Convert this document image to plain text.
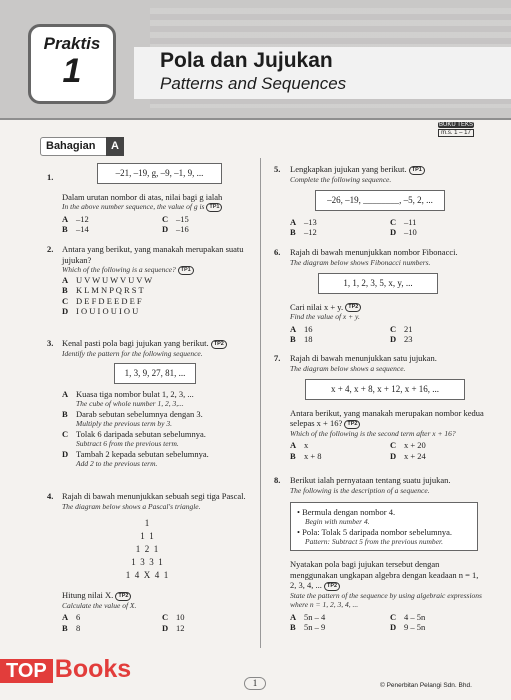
Praktis
1	Pola dan Jujukan
Patterns and Sequences
Bahagian	A
BUKU TEKS
m.s. 1 – 17
1.	–21, –19, g, –9, –1, 9, ...
Dalam urutan nombor di atas, nilai bagi g ialah
In the above number sequence, the value of g is TP1
A –12	C –15
B –14	D –16
2. Antara yang berikut, yang manakah merupakan suatu jujukan?
Which of the following is a sequence? TP1
A U V W U W V U V W
B K L M N P Q R S T
C D E F D E E D E F
D I O U I O U I O U
3. Kenal pasti pola bagi jujukan yang berikut. TP2
Identify the pattern for the following sequence.
1, 3, 9, 27, 81, ...
A Kuasa tiga nombor bulat 1, 2, 3, ...
The cube of whole number 1, 2, 3,...
B Darab sebutan sebelumnya dengan 3.
Multiply the previous term by 3.
C Tolak 6 daripada sebutan sebelumnya.
Subtract 6 from the previous term.
D Tambah 2 kepada sebutan sebelumnya.
Add 2 to the previous term.
4. Rajah di bawah menunjukkan sebuah segi tiga Pascal.
The diagram below shows a Pascal's triangle.
1
1  1
1  2  1
1  3  3  1
1  4  X  4  1
Hitung nilai X. TP2
Calculate the value of X.
A 6	C 10
B 8	D 12
5. Lengkapkan jujukan yang berikut. TP1
Complete the following sequence.
–26, –19, ________, –5, 2, ...
A –13	C –11
B –12	D –10
6. Rajah di bawah menunjukkan nombor Fibonacci.
The diagram below shows Fibonacci numbers.
1, 1, 2, 3, 5, x, y, ...
Cari nilai x + y. TP2
Find the value of x + y.
A 16	C 21
B 18	D 23
7. Rajah di bawah menunjukkan satu jujukan.
The diagram below shows a sequence.
x + 4, x + 8, x + 12, x + 16, ...
Antara berikut, yang manakah merupakan nombor kedua selepas x + 16? TP2
Which of the following is the second term after x + 16?
A x	C x + 20
B x + 8	D x + 24
8. Berikut ialah pernyataan tentang suatu jujukan.
The following is the description of a sequence.
• Bermula dengan nombor 4.
Begin with number 4.
• Pola: Tolak 5 daripada nombor sebelumnya.
Pattern: Subtract 5 from the previous number.
Nyatakan pola bagi jujukan tersebut dengan menggunakan ungkapan algebra dengan keadaan n = 1, 2, 3, 4, ... TP2
State the pattern of the sequence by using algebraic expressions where n = 1, 2, 3, 4, ...
A 5n – 4	C 4 – 5n
B 5n – 9	D 9 – 5n
TOP Books	1	© Penerbitan Pelangi Sdn. Bhd.
